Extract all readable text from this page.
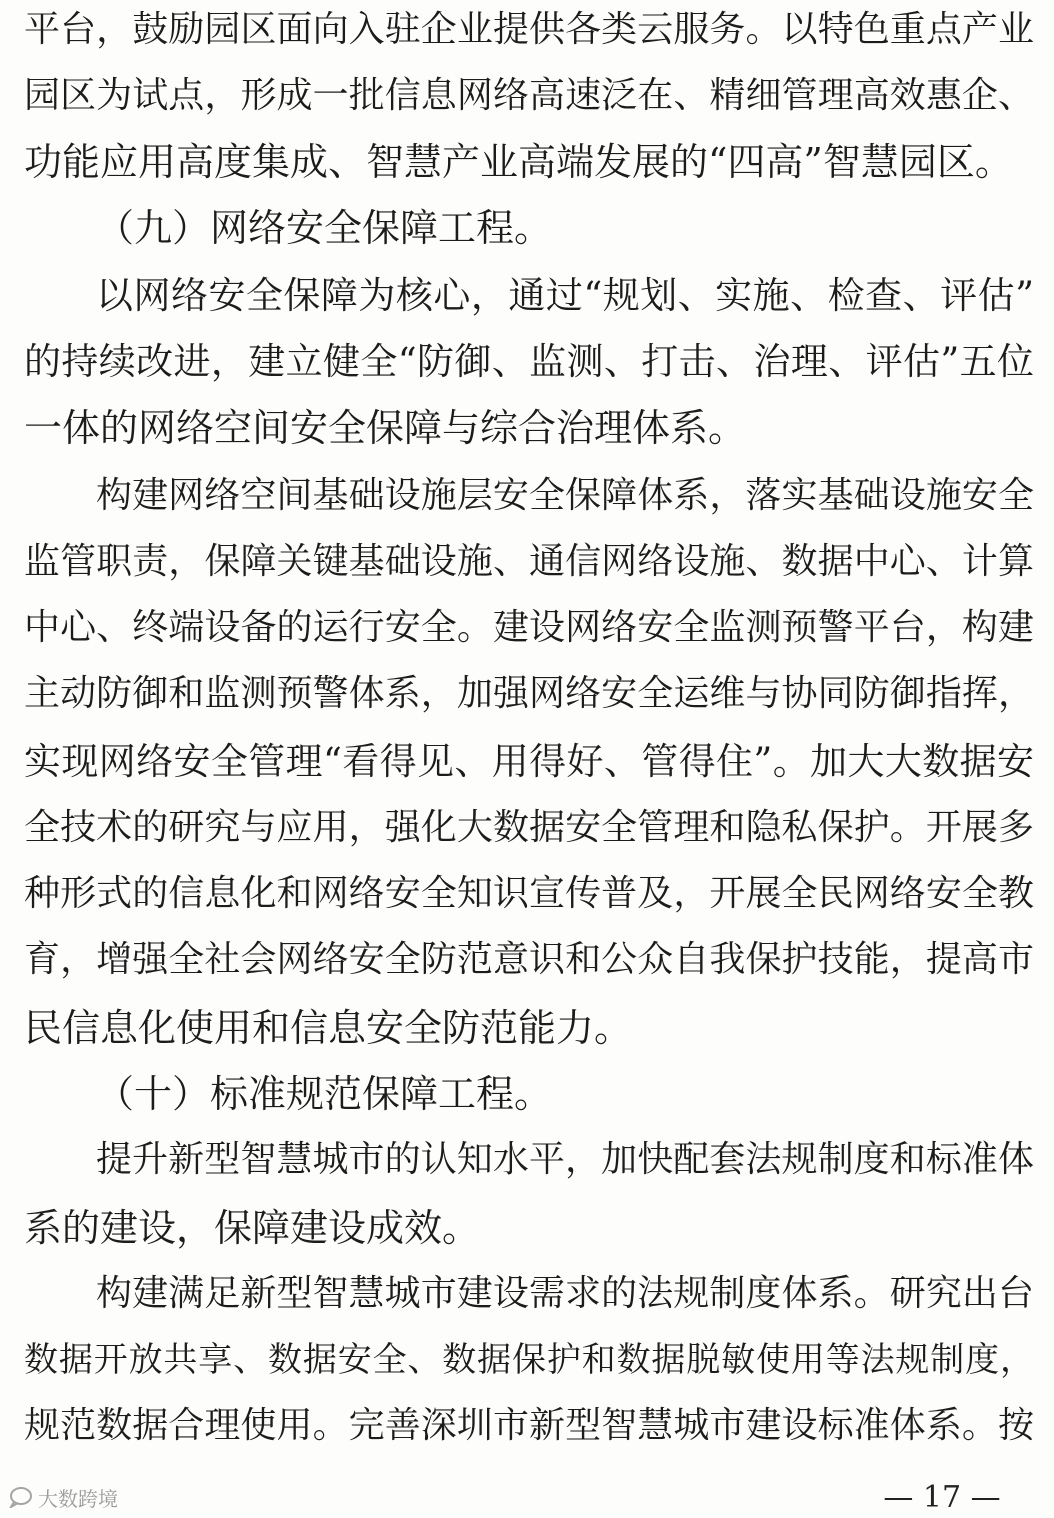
平台，鼓励园区面向入驻企业提供各类云服务。以特色重点产业
园区为试点，形成一批信息网络高速泛在、精细管理高效惠企、
功能应用高度集成、智慧产业高端发展的“四高”智慧园区。
（九）网络安全保障工程。
以网络安全保障为核心，通过“规划、实施、检查、评估”
的持续改进，建立健全“防御、监测、打击、治理、评估”五位
一体的网络空间安全保障与综合治理体系。
构建网络空间基础设施层安全保障体系，落实基础设施安全
监管职责，保障关键基础设施、通信网络设施、数据中心、计算
中心、终端设备的运行安全。建设网络安全监测预警平台，构建
主动防御和监测预警体系，加强网络安全运维与协同防御指挥，
实现网络安全管理“看得见、用得好、管得住”。加大大数据安
全技术的研究与应用，强化大数据安全管理和隐私保护。开展多
种形式的信息化和网络安全知识宣传普及，开展全民网络安全教
育，增强全社会网络安全防范意识和公众自我保护技能，提高市
民信息化使用和信息安全防范能力。
（十）标准规范保障工程。
提升新型智慧城市的认知水平，加快配套法规制度和标准体
系的建设，保障建设成效。
构建满足新型智慧城市建设需求的法规制度体系。研究出台
数据开放共享、数据安全、数据保护和数据脱敏使用等法规制度，
规范数据合理使用。完善深圳市新型智慧城市建设标准体系。按
大数跨境	— 17 —
